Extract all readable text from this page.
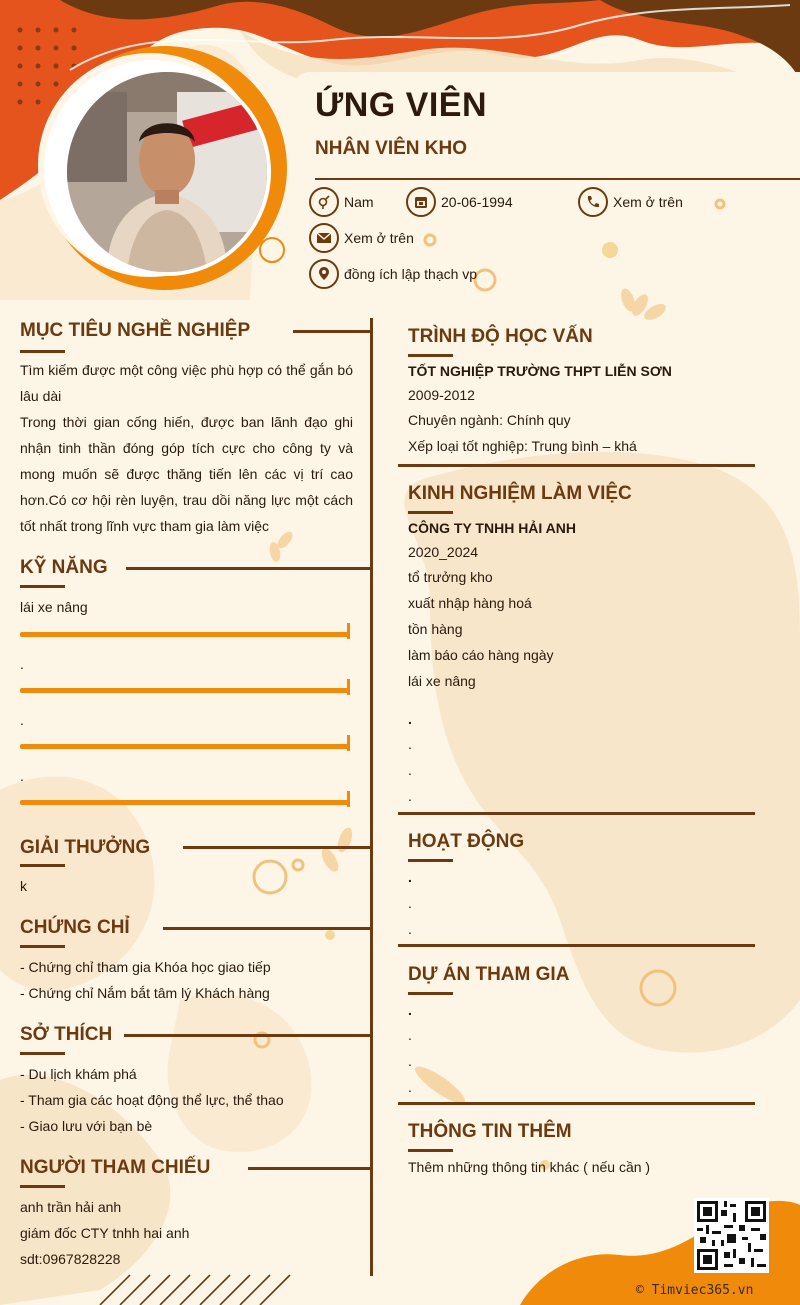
ỨNG VIÊN
NHÂN VIÊN KHO
Nam	20-06-1994	Xem ở trên
Xem ở trên
đồng ích lập thạch vp
MỤC TIÊU NGHỀ NGHIỆP
Tìm kiếm được một công việc phù hợp có thể gắn bó lâu dài
Trong thời gian cống hiến, được ban lãnh đạo ghi nhận tinh thần đóng góp tích cực cho công ty và mong muốn sẽ được thăng tiến lên các vị trí cao hơn.Có cơ hội rèn luyện, trau dồi năng lực một cách tốt nhất trong lĩnh vực tham gia làm việc
KỸ NĂNG
lái xe nâng
.
.
.
GIẢI THƯỞNG
k
CHỨNG CHỈ
- Chứng chỉ tham gia Khóa học giao tiếp
- Chứng chỉ Nắm bắt tâm lý Khách hàng
SỞ THÍCH
- Du lịch khám phá
- Tham gia các hoạt động thể lực, thể thao
- Giao lưu với bạn bè
NGƯỜI THAM CHIẾU
anh trần hải anh
giám đốc CTY tnhh hai anh
sdt:0967828228
TRÌNH ĐỘ HỌC VẤN
TỐT NGHIỆP TRƯỜNG THPT LIỄN SƠN
2009-2012
Chuyên ngành: Chính quy
Xếp loại tốt nghiệp: Trung bình – khá
KINH NGHIỆM LÀM VIỆC
CÔNG TY TNHH HẢI ANH
2020_2024
tổ trưởng kho
xuất nhập hàng hoá
tồn hàng
làm báo cáo hàng ngày
lái xe nâng
.
.
.
.
HOẠT ĐỘNG
.
.
.
DỰ ÁN THAM GIA
.
.
.
.
THÔNG TIN THÊM
Thêm những thông tin khác ( nếu cần )
© Timviec365.vn
